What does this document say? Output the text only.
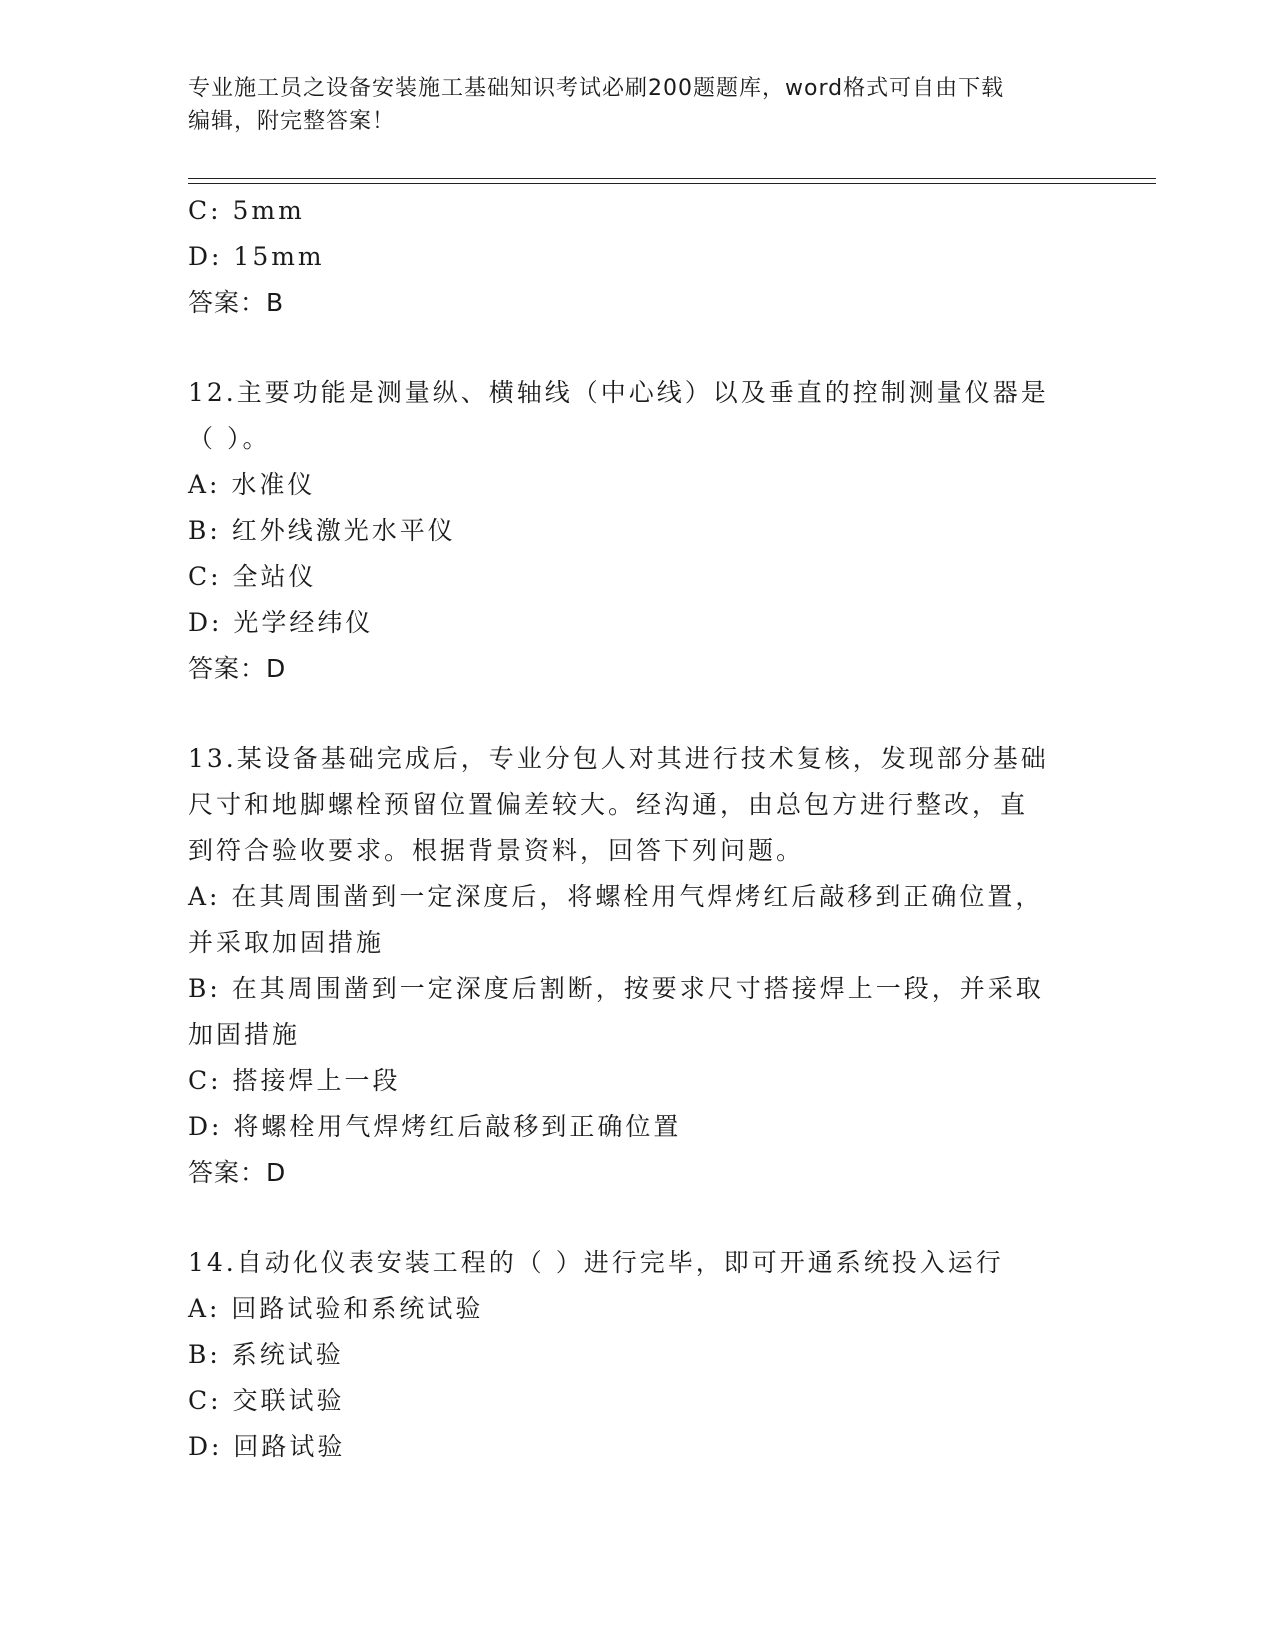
专业施工员之设备安装施工基础知识考试必刷200题题库，word格式可自由下载
编辑，附完整答案！
C: 5mm
D: 15mm
答案：B
12.主要功能是测量纵、横轴线（中心线）以及垂直的控制测量仪器是
（ ）。
A: 水准仪
B: 红外线激光水平仪
C: 全站仪
D: 光学经纬仪
答案：D
13.某设备基础完成后，专业分包人对其进行技术复核，发现部分基础
尺寸和地脚螺栓预留位置偏差较大。经沟通，由总包方进行整改，直
到符合验收要求。根据背景资料，回答下列问题。
A: 在其周围凿到一定深度后，将螺栓用气焊烤红后敲移到正确位置，
并采取加固措施
B: 在其周围凿到一定深度后割断，按要求尺寸搭接焊上一段，并采取
加固措施
C: 搭接焊上一段
D: 将螺栓用气焊烤红后敲移到正确位置
答案：D
14.自动化仪表安装工程的（ ）进行完毕，即可开通系统投入运行
A: 回路试验和系统试验
B: 系统试验
C: 交联试验
D: 回路试验
